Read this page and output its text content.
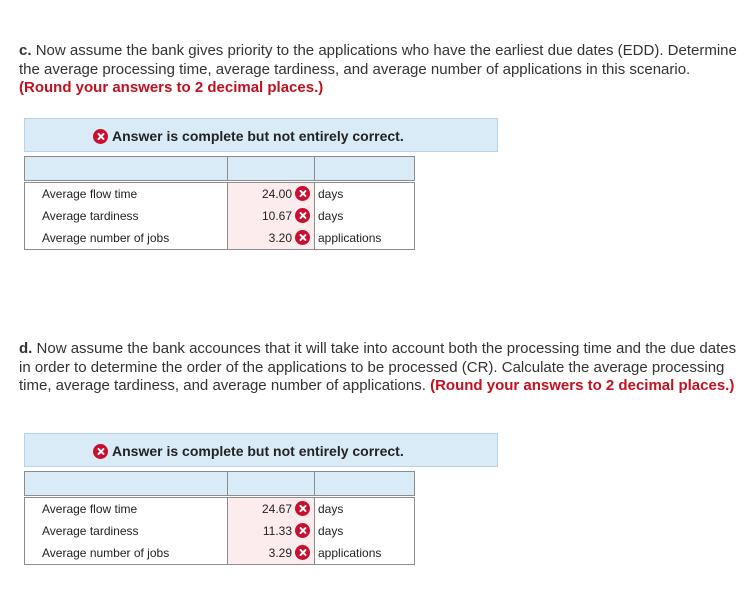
c. Now assume the bank gives priority to the applications who have the earliest due dates (EDD). Determine the average processing time, average tardiness, and average number of applications in this scenario. (Round your answers to 2 decimal places.)
Answer is complete but not entirely correct.

Average flow time	24.00	days
Average tardiness	10.67	days
Average number of jobs	3.20	applications
d. Now assume the bank accounces that it will take into account both the processing time and the due dates in order to determine the order of the applications to be processed (CR). Calculate the average processing time, average tardiness, and average number of applications. (Round your answers to 2 decimal places.)
Answer is complete but not entirely correct.

Average flow time	24.67	days
Average tardiness	11.33	days
Average number of jobs	3.29	applications
